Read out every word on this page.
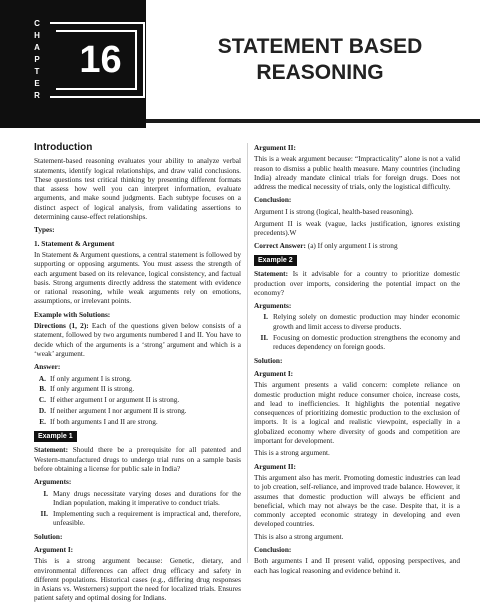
C
H
A
P
T
E
R
16	STATEMENT BASED
REASONING
Introduction

Statement-based reasoning evaluates your ability to analyze verbal statements, identify logical relationships, and draw valid conclusions. These questions test critical thinking by presenting different formats that assess how well you can interpret information, evaluate arguments, and make sound judgments. Each subtype focuses on a distinct aspect of logical analysis, from validating assertions to determining cause-effect relationships.

Types:
1. Statement & Argument

In Statement & Argument questions, a central statement is followed by supporting or opposing arguments. You must assess the strength of each argument based on its relevance, logical consistency, and factual basis. Strong arguments directly address the statement with evidence or rational reasoning, while weak arguments rely on emotions, assumptions, or irrelevant points.

Example with Solutions:

Directions (1, 2): Each of the questions given below consists of a statement, followed by two arguments numbered I and II. You have to decide which of the arguments is a ‘strong’ argument and which is a ‘weak’ argument.

Answer:
A. If only argument I is strong.
B. If only argument II is strong.
C. If either argument I or argument II is strong.
D. If neither argument I nor argument II is strong.
E. If both arguments I and II are strong.
Example 1

Statement: Should there be a prerequisite for all patented and Western-manufactured drugs to undergo trial runs on a sample basis before obtaining a license for public sale in India?

Arguments:
I. Many drugs necessitate varying doses and durations for the Indian population, making it imperative to conduct trials.
II. Implementing such a requirement is impractical and, therefore, unfeasible.
Solution:
Argument I:

This is a strong argument because: Genetic, dietary, and environmental differences can affect drug efficacy and safety in different populations. Historical cases (e.g., differing drug responses in Asians vs. Westerners) support the need for localized trials. Ensures patient safety and optimal dosing for Indians.

Argument II:

This is a weak argument because: “Impracticality” alone is not a valid reason to dismiss a public health measure. Many countries (including India) already mandate clinical trials for foreign drugs. Does not address the medical necessity of trials, only the logistical difficulty.

Conclusion:

Argument I is strong (logical, health-based reasoning).

Argument II is weak (vague, lacks justification, ignores existing precedents).W

Correct Answer: (a) If only argument I is strong

Example 2

Statement: Is it advisable for a country to prioritize domestic production over imports, considering the potential impact on the economy?

Arguments:
I. Relying solely on domestic production may hinder economic growth and limit access to diverse products.
II. Focusing on domestic production strengthens the economy and reduces dependency on foreign goods.
Solution:
Argument I:

This argument presents a valid concern: complete reliance on domestic production might reduce consumer choice, increase costs, and lead to inefficiencies. It highlights the potential negative consequences of prioritizing domestic production to the exclusion of imports. It is a logical and realistic viewpoint, especially in a globalized economy where diversity of goods and competition are important for development.

This is a strong argument.

Argument II:

This argument also has merit. Promoting domestic industries can lead to job creation, self-reliance, and improved trade balance. However, it assumes that domestic production will always be efficient and beneficial, which may not always be the case. Despite that, it is a commonly accepted economic strategy in developing and even developed countries.

This is also a strong argument.

Conclusion:

Both arguments I and II present valid, opposing perspectives, and each has logical reasoning and evidence behind it.
